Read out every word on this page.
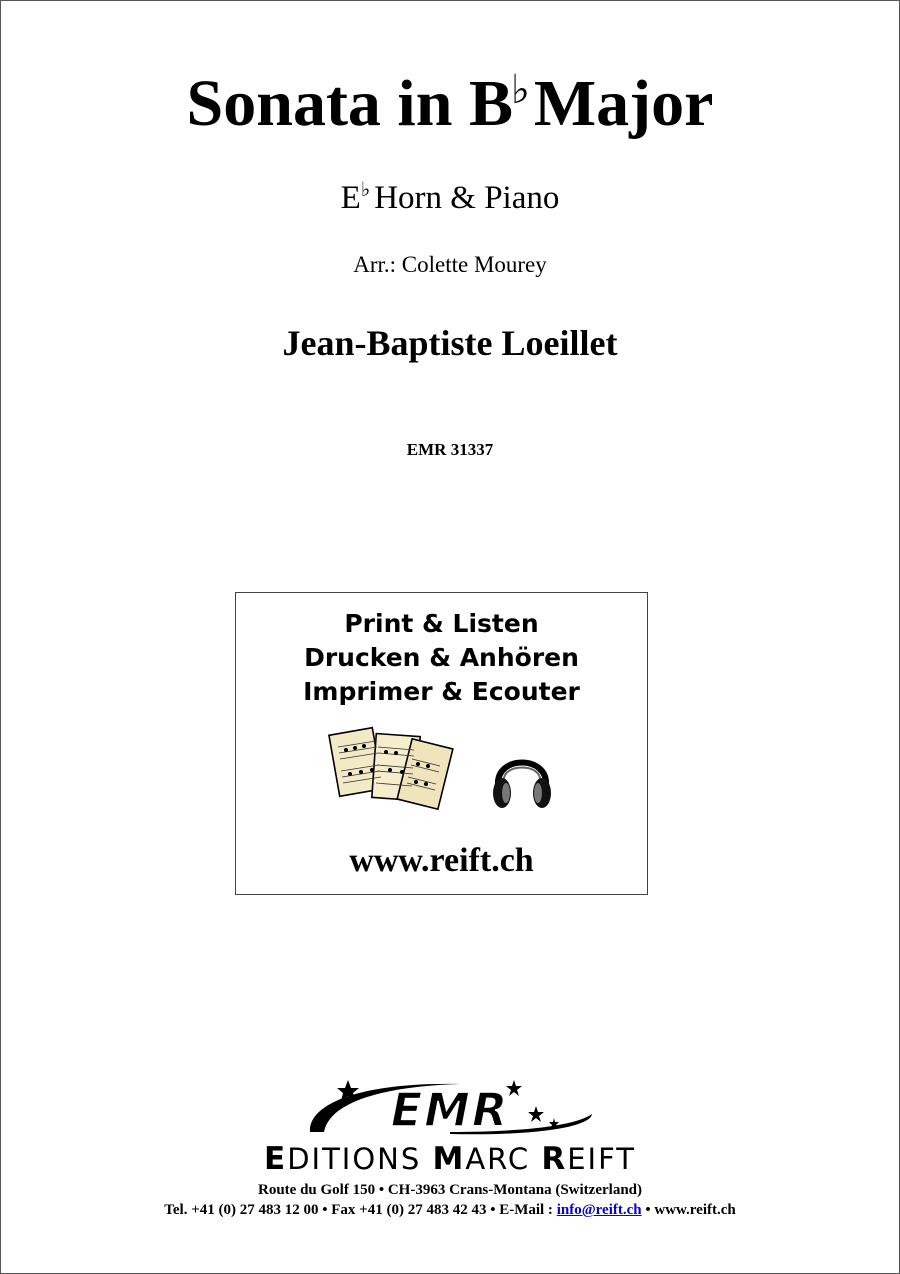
Sonata in B♭Major
E♭ Horn & Piano
Arr.: Colette Mourey
Jean-Baptiste Loeillet
EMR 31337
Print & Listen
Drucken & Anhören
Imprimer & Ecouter
www.reift.ch
EMR
EDITIONS MARC REIFT
Route du Golf 150 • CH-3963 Crans-Montana (Switzerland)
Tel. +41 (0) 27 483 12 00 • Fax +41 (0) 27 483 42 43 • E-Mail : info@reift.ch • www.reift.ch
